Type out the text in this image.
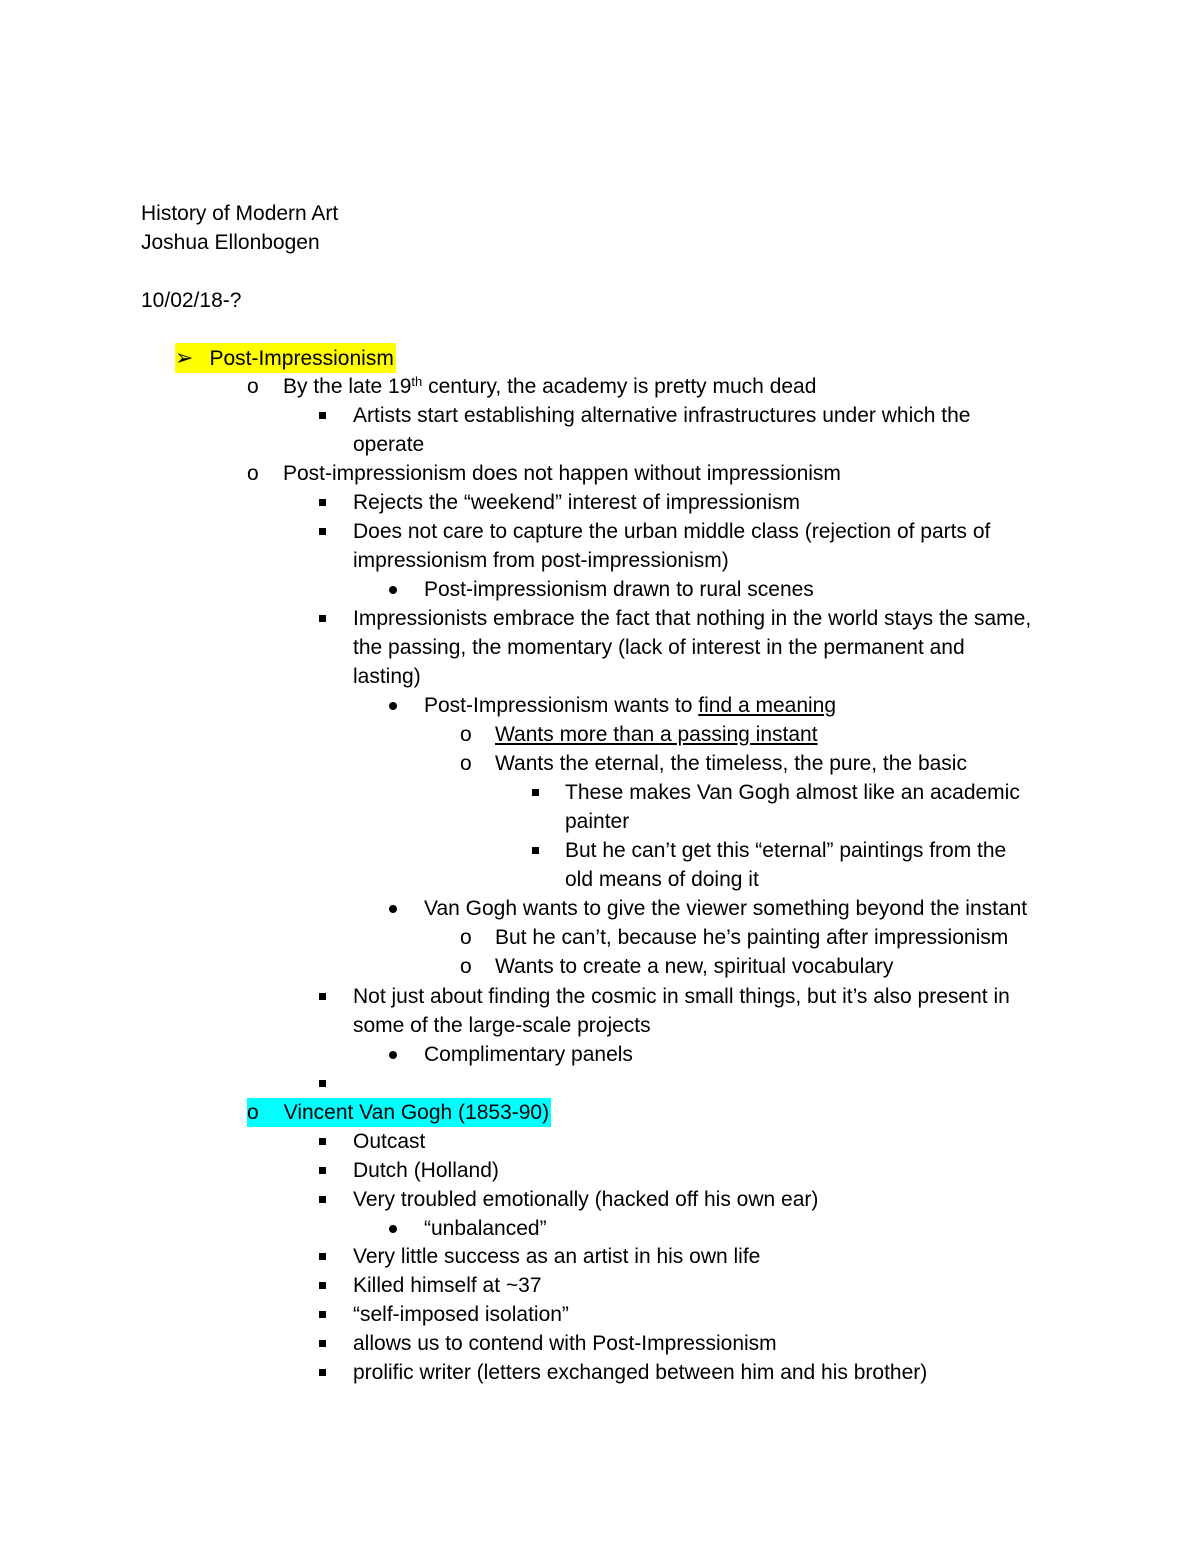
History of Modern Art
Joshua Ellonbogen
10/02/18-?
➢ Post-Impressionism
o By the late 19th century, the academy is pretty much dead
Artists start establishing alternative infrastructures under which the
operate
o Post-impressionism does not happen without impressionism
Rejects the “weekend” interest of impressionism
Does not care to capture the urban middle class (rejection of parts of
impressionism from post-impressionism)
Post-impressionism drawn to rural scenes
Impressionists embrace the fact that nothing in the world stays the same,
the passing, the momentary (lack of interest in the permanent and
lasting)
Post-Impressionism wants to find a meaning
o Wants more than a passing instant
o Wants the eternal, the timeless, the pure, the basic
These makes Van Gogh almost like an academic
painter
But he can’t get this “eternal” paintings from the
old means of doing it
Van Gogh wants to give the viewer something beyond the instant
o But he can’t, because he’s painting after impressionism
o Wants to create a new, spiritual vocabulary
Not just about finding the cosmic in small things, but it’s also present in
some of the large-scale projects
Complimentary panels
o Vincent Van Gogh (1853-90)
Outcast
Dutch (Holland)
Very troubled emotionally (hacked off his own ear)
“unbalanced”
Very little success as an artist in his own life
Killed himself at ~37
“self-imposed isolation”
allows us to contend with Post-Impressionism
prolific writer (letters exchanged between him and his brother)
